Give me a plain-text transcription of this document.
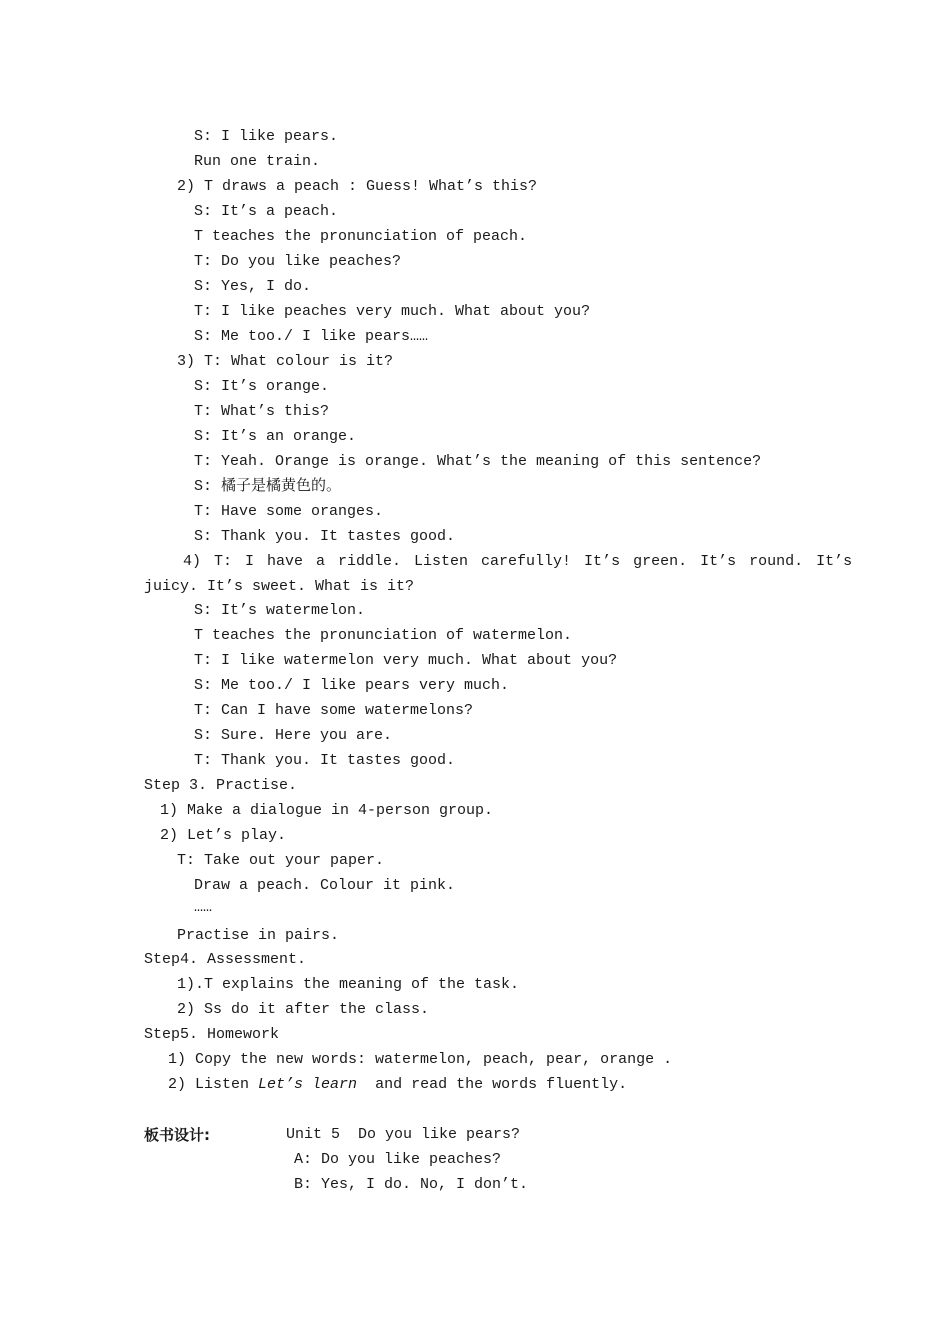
S: I like pears.
Run one train.
2) T draws a peach : Guess! What’s this?
S: It’s a peach.
T teaches the pronunciation of peach.
T: Do you like peaches?
S: Yes, I do.
T: I like peaches very much. What about you?
S: Me too./ I like pears……
3) T: What colour is it?
S: It’s orange.
T: What’s this?
S: It’s an orange.
T: Yeah. Orange is orange. What’s the meaning of this sentence?
S: 橘子是橘黄色的。
T: Have some oranges.
S: Thank you. It tastes good.
4) T: I have a riddle. Listen carefully! It’s green. It’s round. It’s
juicy. It’s sweet. What is it?
S: It’s watermelon.
T teaches the pronunciation of watermelon.
T: I like watermelon very much. What about you?
S: Me too./ I like pears very much.
T: Can I have some watermelons?
S: Sure. Here you are.
T: Thank you. It tastes good.
Step 3. Practise.
1) Make a dialogue in 4-person group.
2) Let’s play.
T: Take out your paper.
Draw a peach. Colour it pink.
……
Practise in pairs.
Step4. Assessment.
1).T explains the meaning of the task.
2) Ss do it after the class.
Step5. Homework
1) Copy the new words: watermelon, peach, pear, orange .
2) Listen Let’s learn and read the words fluently.
板书设计:	Unit 5  Do you like pears?
A: Do you like peaches?
B: Yes, I do. No, I don’t.
